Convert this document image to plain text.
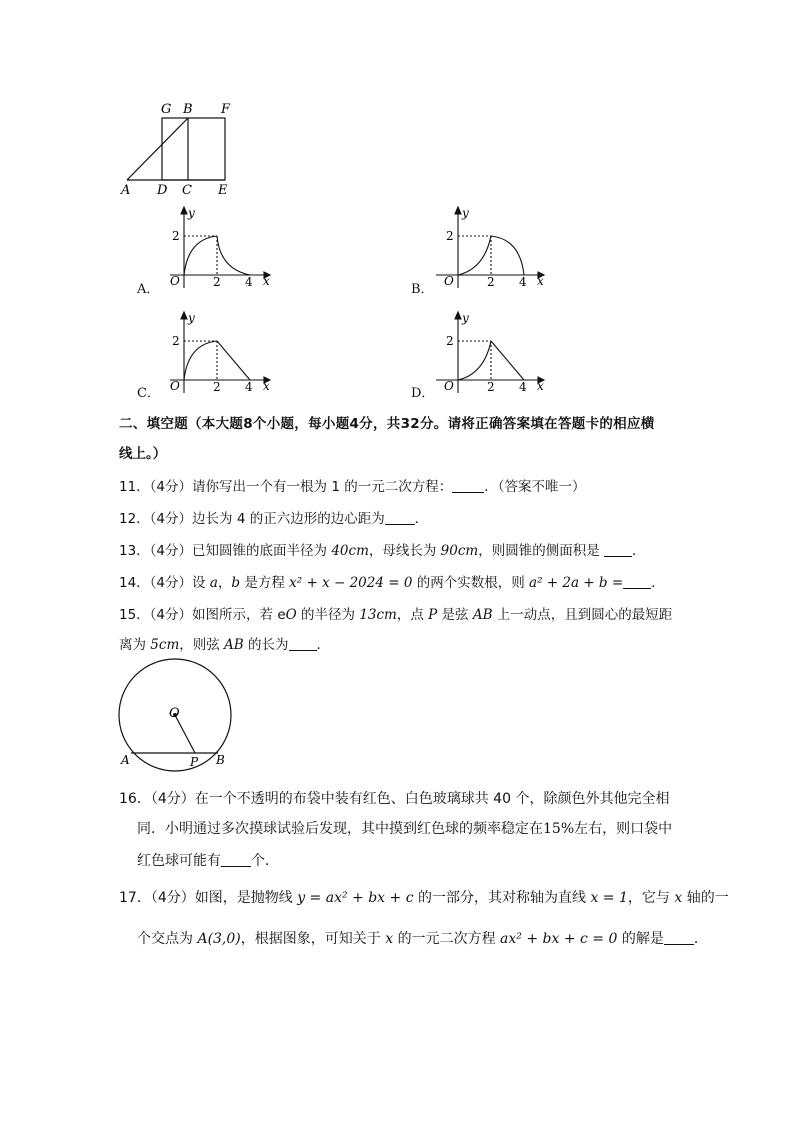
G B F
A D C E
A．
y
x
O	2 4
2
B．
y
x
O	2 4
2
C．
y
x
O	2 4
2
D．
y
x
O	2 4
2
二、填空题（本大题8个小题，每小题4分，共32分。请将正确答案填在答题卡的相应横
线上。）
11．（4分）请你写出一个有一根为 1 的一元二次方程： ．（答案不唯一）
12．（4分）边长为 4 的正六边形的边心距为 ．
13．（4分）已知圆锥的底面半径为 40cm，母线长为 90cm，则圆锥的侧面积是 ．
14．（4分）设 a，b 是方程 x² + x − 2024 = 0 的两个实数根，则 a² + 2a + b = ．
15．（4分）如图所示，若 eO 的半径为 13cm，点 P 是弦 AB 上一动点，且到圆心的最短距
离为 5cm，则弦 AB 的长为 ．
O
A	P B
16．（4分）在一个不透明的布袋中装有红色、白色玻璃球共 40 个，除颜色外其他完全相
同．小明通过多次摸球试验后发现，其中摸到红色球的频率稳定在15%左右，则口袋中
红色球可能有 个．
17．（4分）如图，是抛物线 y = ax² + bx + c 的一部分，其对称轴为直线 x = 1，它与 x 轴的一
个交点为 A(3,0)，根据图象，可知关于 x 的一元二次方程 ax² + bx + c = 0 的解是 ．
